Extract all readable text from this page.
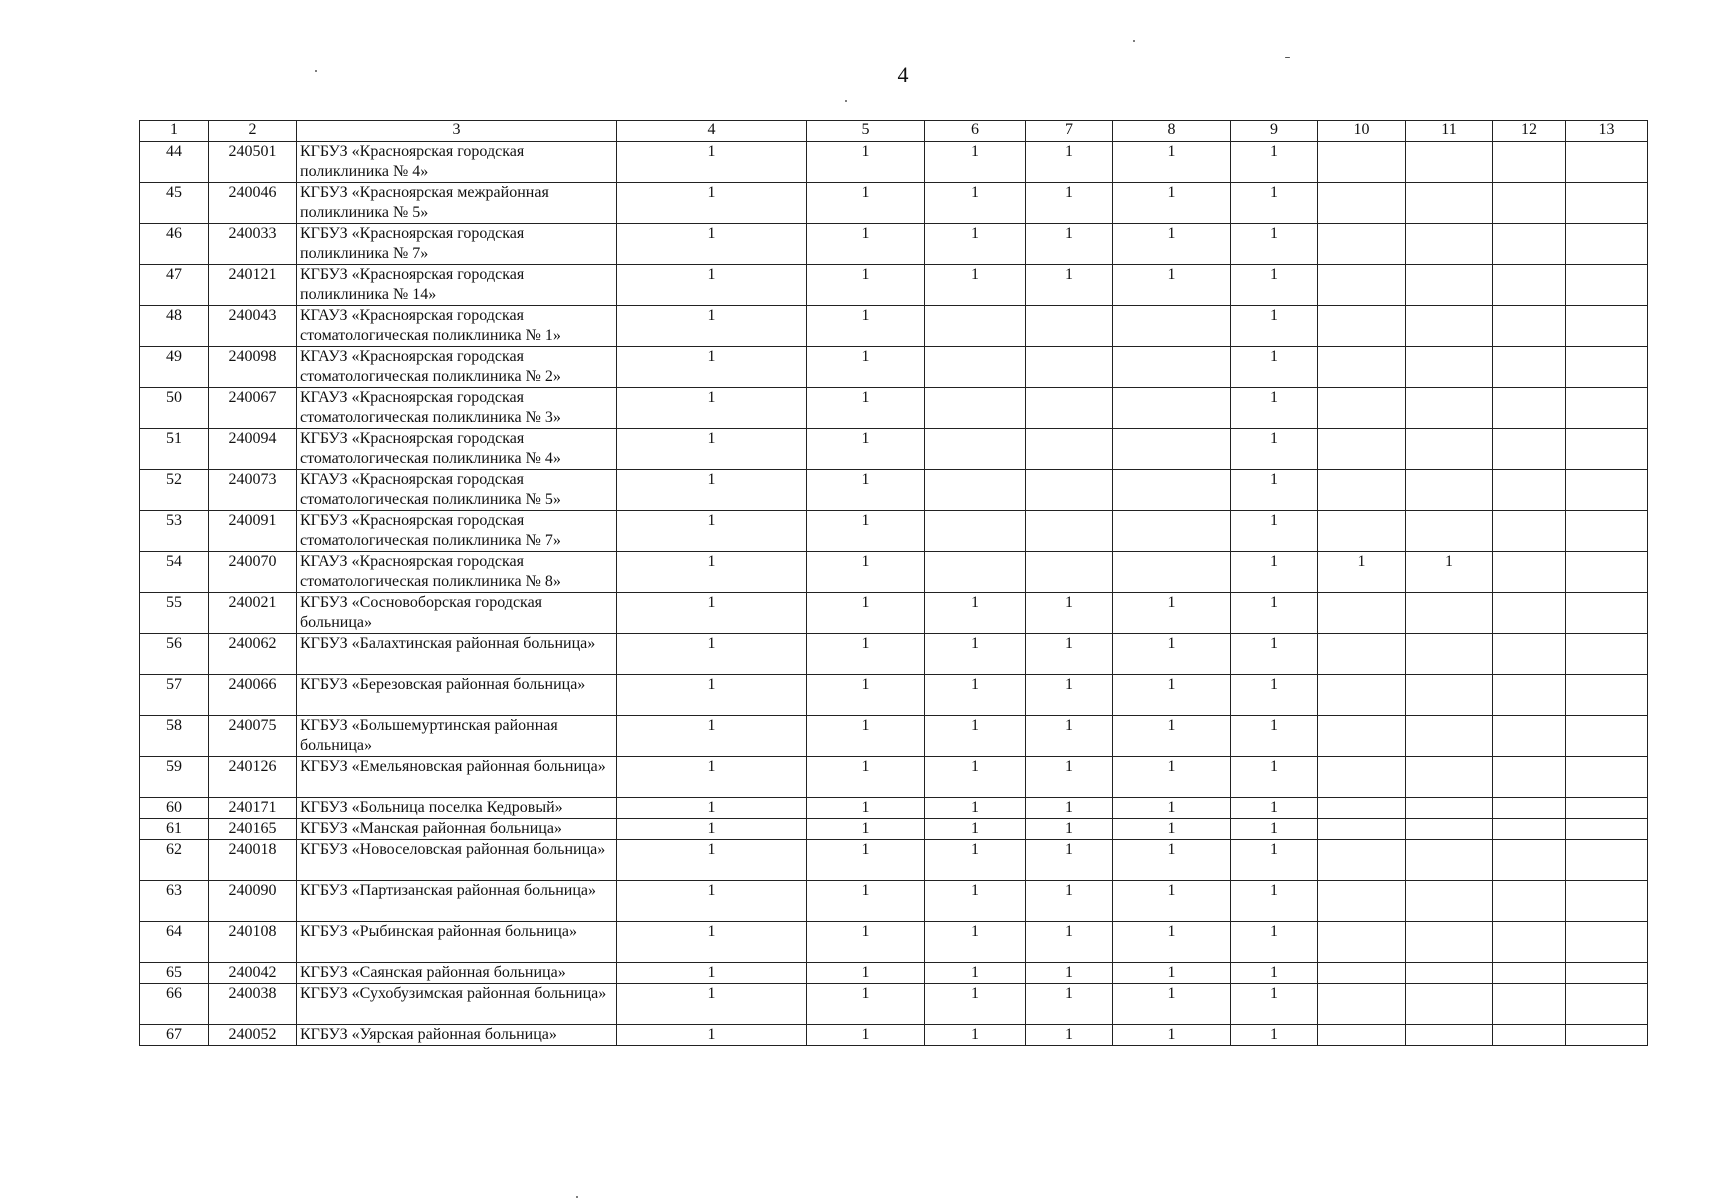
4
1	2	3	4	5	6	7	8	9	10	11	12	13
44	240501	КГБУЗ «Красноярская городская поликлиника № 4»	1	1	1	1	1	1				
45	240046	КГБУЗ «Красноярская межрайонная поликлиника № 5»	1	1	1	1	1	1				
46	240033	КГБУЗ «Красноярская городская поликлиника № 7»	1	1	1	1	1	1				
47	240121	КГБУЗ «Красноярская городская поликлиника № 14»	1	1	1	1	1	1				
48	240043	КГАУЗ «Красноярская городская стоматологическая поликлиника № 1»	1	1				1				
49	240098	КГАУЗ «Красноярская городская стоматологическая поликлиника № 2»	1	1				1				
50	240067	КГАУЗ «Красноярская городская стоматологическая поликлиника № 3»	1	1				1				
51	240094	КГБУЗ «Красноярская городская стоматологическая поликлиника № 4»	1	1				1				
52	240073	КГАУЗ «Красноярская городская стоматологическая поликлиника № 5»	1	1				1				
53	240091	КГБУЗ «Красноярская городская стоматологическая поликлиника № 7»	1	1				1				
54	240070	КГАУЗ «Красноярская городская стоматологическая поликлиника № 8»	1	1				1	1	1		
55	240021	КГБУЗ «Сосновоборская городская больница»	1	1	1	1	1	1				
56	240062	КГБУЗ «Балахтинская районная больница»	1	1	1	1	1	1				
57	240066	КГБУЗ «Березовская районная больница»	1	1	1	1	1	1				
58	240075	КГБУЗ «Большемуртинская районная больница»	1	1	1	1	1	1				
59	240126	КГБУЗ «Емельяновская районная больница»	1	1	1	1	1	1				
60	240171	КГБУЗ «Больница поселка Кедровый»	1	1	1	1	1	1				
61	240165	КГБУЗ «Манская районная больница»	1	1	1	1	1	1				
62	240018	КГБУЗ «Новоселовская районная больница»	1	1	1	1	1	1				
63	240090	КГБУЗ «Партизанская районная больница»	1	1	1	1	1	1				
64	240108	КГБУЗ «Рыбинская районная больница»	1	1	1	1	1	1				
65	240042	КГБУЗ «Саянская районная больница»	1	1	1	1	1	1				
66	240038	КГБУЗ «Сухобузимская районная больница»	1	1	1	1	1	1				
67	240052	КГБУЗ «Уярская районная больница»	1	1	1	1	1	1				
